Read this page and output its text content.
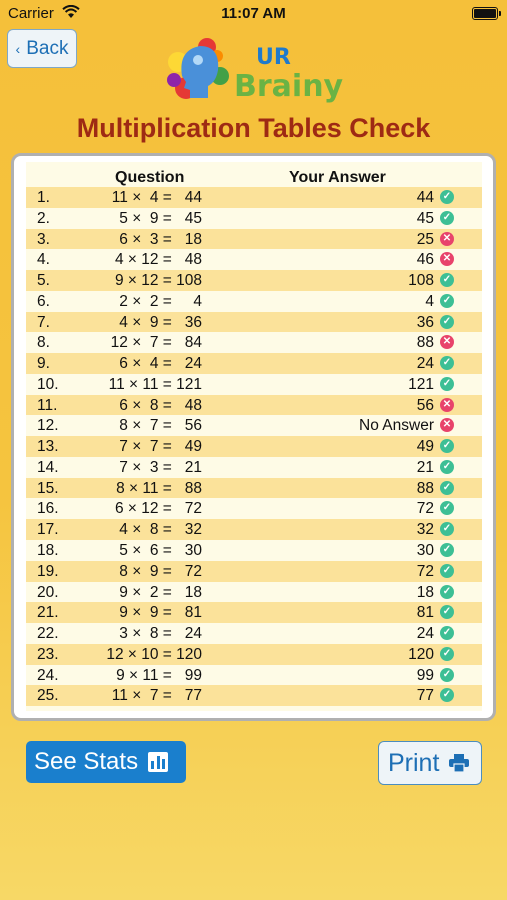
Carrier	11:07 AM
‹ Back	UR
Brainy
Multiplication Tables Check
Question	Your Answer
1.	11 ×  4 =   44	44 ✓
2.	5 ×  9 =   45	45 ✓
3.	6 ×  3 =   18	25 ✕
4.	4 × 12 =   48	46 ✕
5.	9 × 12 = 108	108 ✓
6.	2 ×  2 =     4	4 ✓
7.	4 ×  9 =   36	36 ✓
8.	12 ×  7 =   84	88 ✕
9.	6 ×  4 =   24	24 ✓
10.	11 × 11 = 121	121 ✓
11.	6 ×  8 =   48	56 ✕
12.	8 ×  7 =   56	No Answer ✕
13.	7 ×  7 =   49	49 ✓
14.	7 ×  3 =   21	21 ✓
15.	8 × 11 =   88	88 ✓
16.	6 × 12 =   72	72 ✓
17.	4 ×  8 =   32	32 ✓
18.	5 ×  6 =   30	30 ✓
19.	8 ×  9 =   72	72 ✓
20.	9 ×  2 =   18	18 ✓
21.	9 ×  9 =   81	81 ✓
22.	3 ×  8 =   24	24 ✓
23.	12 × 10 = 120	120 ✓
24.	9 × 11 =   99	99 ✓
25.	11 ×  7 =   77	77 ✓
See Stats	Print
